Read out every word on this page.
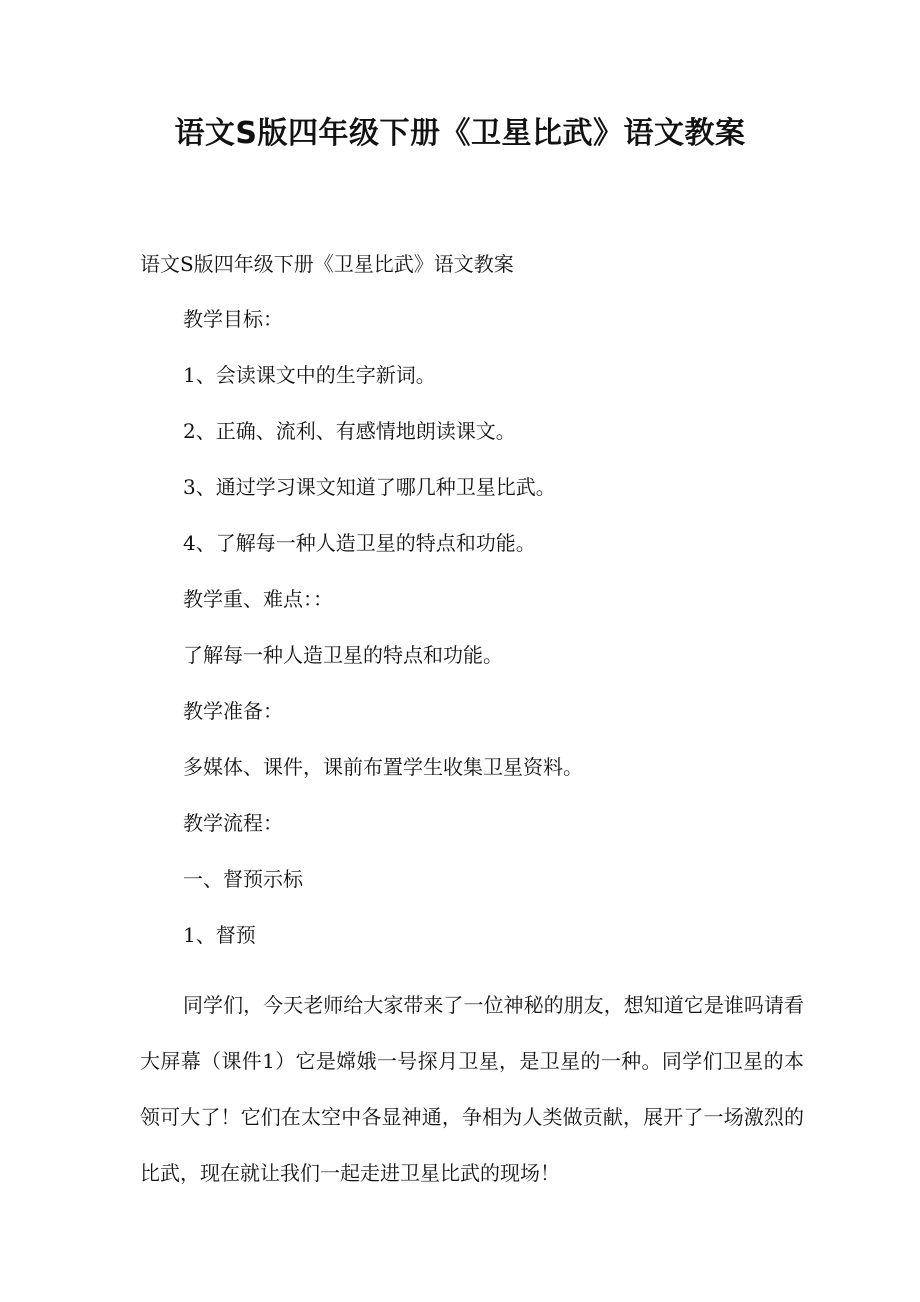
语文S版四年级下册《卫星比武》语文教案

语文S版四年级下册《卫星比武》语文教案

教学目标：

1、会读课文中的生字新词。

2、正确、流利、有感情地朗读课文。

3、通过学习课文知道了哪几种卫星比武。

4、了解每一种人造卫星的特点和功能。

教学重、难点：：

了解每一种人造卫星的特点和功能。

教学准备：

多媒体、课件，课前布置学生收集卫星资料。

教学流程：

一、督预示标

1、督预

同学们，今天老师给大家带来了一位神秘的朋友，想知道它是谁吗请看大屏幕（课件1）它是嫦娥一号探月卫星，是卫星的一种。同学们卫星的本领可大了！它们在太空中各显神通，争相为人类做贡献，展开了一场激烈的比武，现在就让我们一起走进卫星比武的现场！
